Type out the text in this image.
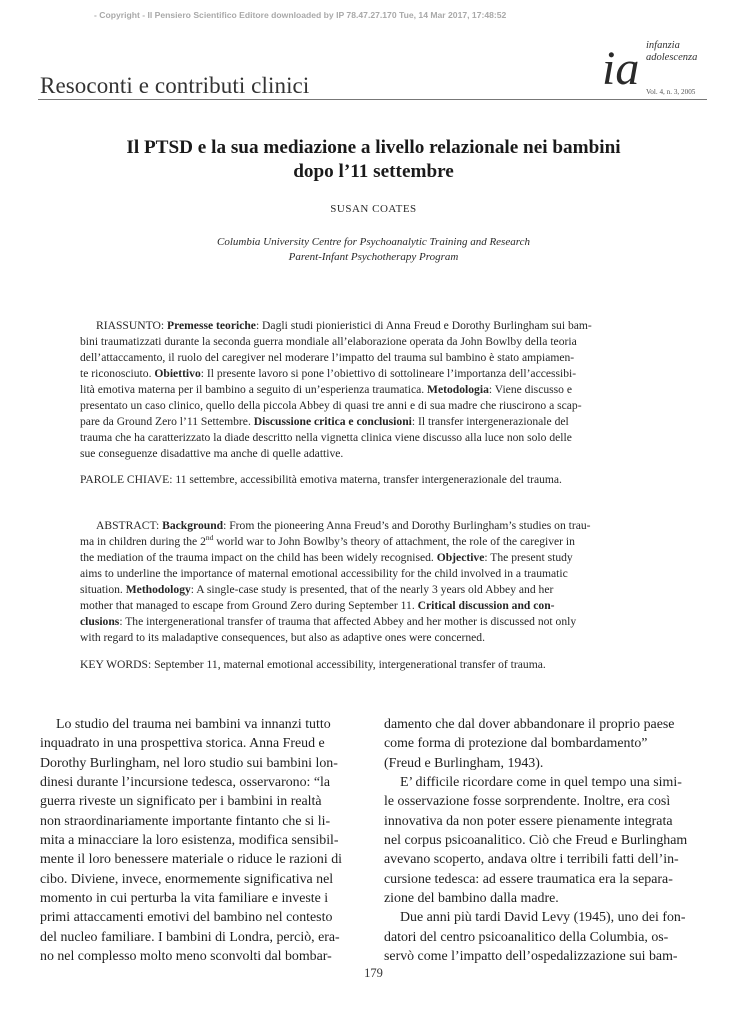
- Copyright - Il Pensiero Scientifico Editore downloaded by IP 78.47.27.170 Tue, 14 Mar 2017, 17:48:52
Resoconti e contributi clinici	ia infanzia
adolescenza
Vol. 4, n. 3, 2005
Il PTSD e la sua mediazione a livello relazionale nei bambini
dopo l’11 settembre
SUSAN COATES
Columbia University Centre for Psychoanalytic Training and Research
Parent-Infant Psychotherapy Program
RIASSUNTO: Premesse teoriche: Dagli studi pionieristici di Anna Freud e Dorothy Burlingham sui bam-
bini traumatizzati durante la seconda guerra mondiale all’elaborazione operata da John Bowlby della teoria
dell’attaccamento, il ruolo del caregiver nel moderare l’impatto del trauma sul bambino è stato ampiamen-
te riconosciuto. Obiettivo: Il presente lavoro si pone l’obiettivo di sottolineare l’importanza dell’accessibi-
lità emotiva materna per il bambino a seguito di un’esperienza traumatica. Metodologia: Viene discusso e
presentato un caso clinico, quello della piccola Abbey di quasi tre anni e di sua madre che riuscirono a scap-
pare da Ground Zero l’11 Settembre. Discussione critica e conclusioni: Il transfer intergenerazionale del
trauma che ha caratterizzato la diade descritto nella vignetta clinica viene discusso alla luce non solo delle
sue conseguenze disadattive ma anche di quelle adattive.
PAROLE CHIAVE: 11 settembre, accessibilità emotiva materna, transfer intergenerazionale del trauma.
ABSTRACT: Background: From the pioneering Anna Freud’s and Dorothy Burlingham’s studies on trau-
ma in children during the 2nd world war to John Bowlby’s theory of attachment, the role of the caregiver in
the mediation of the trauma impact on the child has been widely recognised. Objective: The present study
aims to underline the importance of maternal emotional accessibility for the child involved in a traumatic
situation. Methodology: A single-case study is presented, that of the nearly 3 years old Abbey and her
mother that managed to escape from Ground Zero during September 11. Critical discussion and con-
clusions: The intergenerational transfer of trauma that affected Abbey and her mother is discussed not only
with regard to its maladaptive consequences, but also as adaptive ones were concerned.
KEY WORDS: September 11, maternal emotional accessibility, intergenerational transfer of trauma.
Lo studio del trauma nei bambini va innanzi tutto
inquadrato in una prospettiva storica. Anna Freud e
Dorothy Burlingham, nel loro studio sui bambini lon-
dinesi durante l’incursione tedesca, osservarono: “la
guerra riveste un significato per i bambini in realtà
non straordinariamente importante fintanto che si li-
mita a minacciare la loro esistenza, modifica sensibil-
mente il loro benessere materiale o riduce le razioni di
cibo. Diviene, invece, enormemente significativa nel
momento in cui perturba la vita familiare e investe i
primi attaccamenti emotivi del bambino nel contesto
del nucleo familiare. I bambini di Londra, perciò, era-
no nel complesso molto meno sconvolti dal bombar-
damento che dal dover abbandonare il proprio paese
come forma di protezione dal bombardamento”
(Freud e Burlingham, 1943).
E’ difficile ricordare come in quel tempo una simi-
le osservazione fosse sorprendente. Inoltre, era così
innovativa da non poter essere pienamente integrata
nel corpus psicoanalitico. Ciò che Freud e Burlingham
avevano scoperto, andava oltre i terribili fatti dell’in-
cursione tedesca: ad essere traumatica era la separa-
zione del bambino dalla madre.
Due anni più tardi David Levy (1945), uno dei fon-
datori del centro psicoanalitico della Columbia, os-
servò come l’impatto dell’ospedalizzazione sui bam-
179
